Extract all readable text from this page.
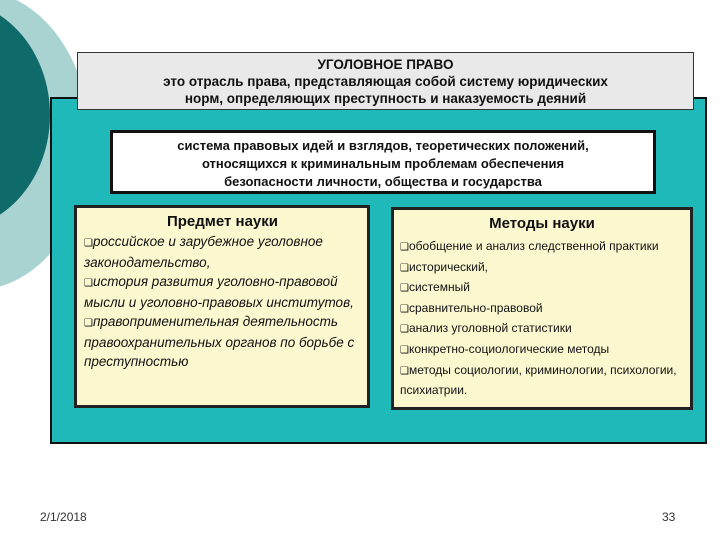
УГОЛОВНОЕ ПРАВО
это отрасль права, представляющая собой систему юридических
норм, определяющих преступность и наказуемость деяний
система правовых идей и взглядов, теоретических положений,
относящихся к криминальным проблемам обеспечения
безопасности личности, общества и государства
Предмет науки
❑российское и зарубежное уголовное законодательство,
❑история развития уголовно-правовой мысли и уголовно-правовых институтов,
❑правоприменительная деятельность правоохранительных органов по борьбе с преступностью
Методы науки
❑обобщение и анализ следственной практики
❑исторический,
❑системный
❑сравнительно-правовой
❑анализ уголовной статистики
❑конкретно-социологические методы
❑методы социологии, криминологии, психологии, психиатрии.
2/1/2018	33
